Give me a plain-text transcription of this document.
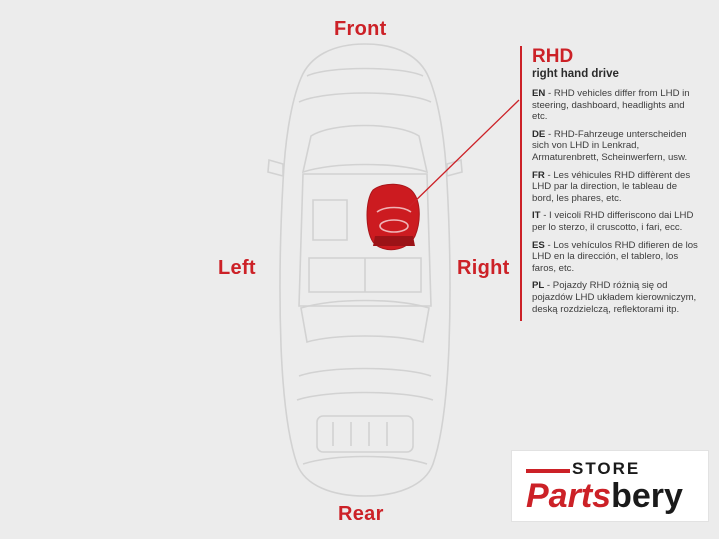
Front
Rear
Left	Right
RHD
right hand drive

EN - RHD vehicles differ from LHD in steering, dashboard, headlights and etc.

DE - RHD-Fahrzeuge unterscheiden sich von LHD in Lenkrad, Armaturenbrett, Scheinwerfern, usw.

FR - Les véhicules RHD diffèrent des LHD par la direction, le tableau de bord, les phares, etc.

IT - I veicoli RHD differiscono dai LHD per lo sterzo, il cruscotto, i fari, ecc.

ES - Los vehículos RHD difieren de los LHD en la dirección, el tablero, los faros, etc.

PL - Pojazdy RHD różnią się od pojazdów LHD układem kierowniczym, deską rozdzielczą, reflektorami itp.

STORE
Partsbery
